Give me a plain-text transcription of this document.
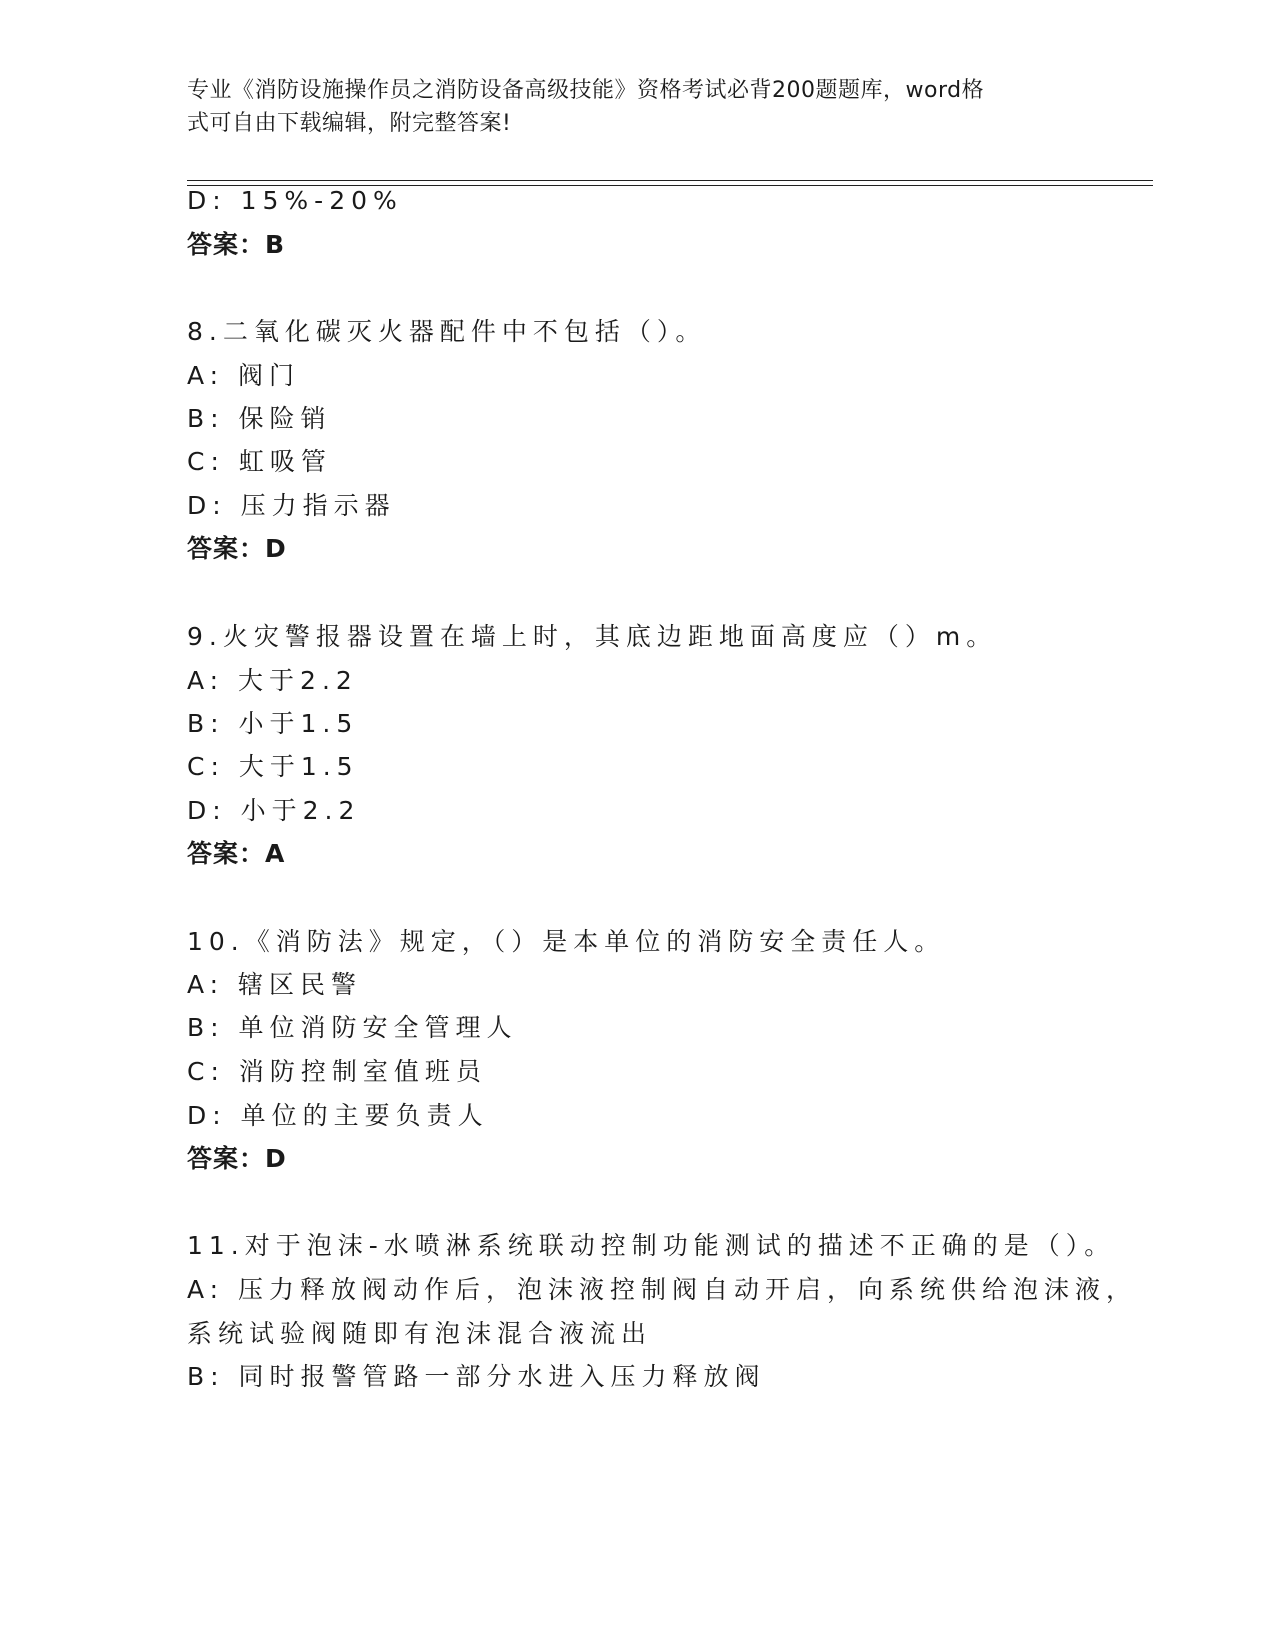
专业《消防设施操作员之消防设备高级技能》资格考试必背200题题库，word格
式可自由下载编辑，附完整答案!
D: 15%-20%
答案：B
8.二氧化碳灭火器配件中不包括（）。
A: 阀门
B: 保险销
C: 虹吸管
D: 压力指示器
答案：D
9.火灾警报器设置在墙上时，其底边距地面高度应（）m。
A: 大于2.2
B: 小于1.5
C: 大于1.5
D: 小于2.2
答案：A
10.《消防法》规定，（）是本单位的消防安全责任人。
A: 辖区民警
B: 单位消防安全管理人
C: 消防控制室值班员
D: 单位的主要负责人
答案：D
11.对于泡沫-水喷淋系统联动控制功能测试的描述不正确的是（）。
A: 压力释放阀动作后，泡沫液控制阀自动开启，向系统供给泡沫液，
系统试验阀随即有泡沫混合液流出
B: 同时报警管路一部分水进入压力释放阀
